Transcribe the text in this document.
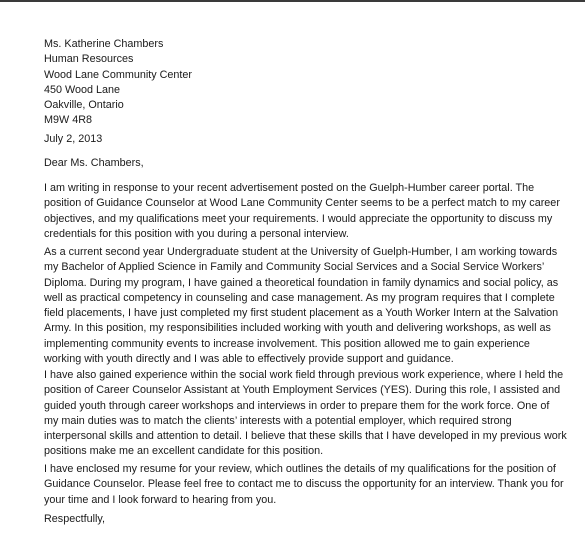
Ms. Katherine Chambers
Human Resources
Wood Lane Community Center
450 Wood Lane
Oakville, Ontario
M9W 4R8
July 2, 2013
Dear Ms. Chambers,
I am writing in response to your recent advertisement posted on the Guelph-Humber career portal. The
position of Guidance Counselor at Wood Lane Community Center seems to be a perfect match to my career
objectives, and my qualifications meet your requirements. I would appreciate the opportunity to discuss my
credentials for this position with you during a personal interview.
As a current second year Undergraduate student at the University of Guelph-Humber, I am working towards
my Bachelor of Applied Science in Family and Community Social Services and a Social Service Workers’
Diploma. During my program, I have gained a theoretical foundation in family dynamics and social policy, as
well as practical competency in counseling and case management. As my program requires that I complete
field placements, I have just completed my first student placement as a Youth Worker Intern at the Salvation
Army. In this position, my responsibilities included working with youth and delivering workshops, as well as
implementing community events to increase involvement. This position allowed me to gain experience
working with youth directly and I was able to effectively provide support and guidance.
I have also gained experience within the social work field through previous work experience, where I held the
position of Career Counselor Assistant at Youth Employment Services (YES). During this role, I assisted and
guided youth through career workshops and interviews in order to prepare them for the work force. One of
my main duties was to match the clients’ interests with a potential employer, which required strong
interpersonal skills and attention to detail. I believe that these skills that I have developed in my previous work
positions make me an excellent candidate for this position.
I have enclosed my resume for your review, which outlines the details of my qualifications for the position of
Guidance Counselor. Please feel free to contact me to discuss the opportunity for an interview. Thank you for
your time and I look forward to hearing from you.
Respectfully,
